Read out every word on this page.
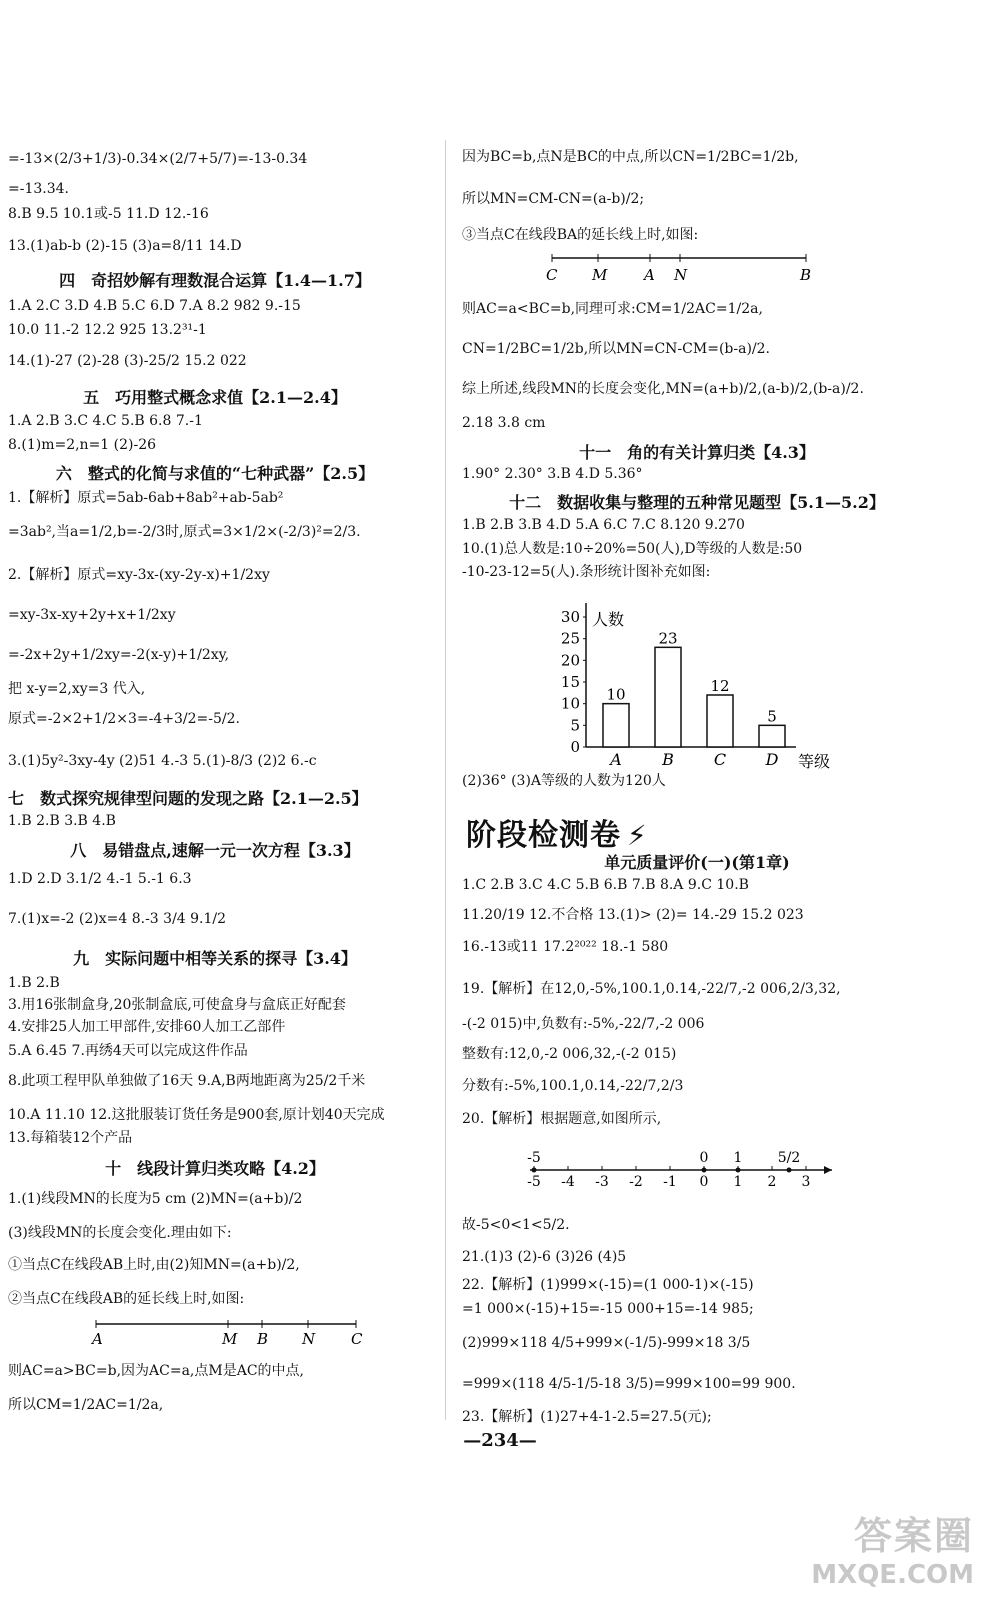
=-13×(2/3+1/3)-0.34×(2/7+5/7)=-13-0.34
=-13.34.
8.B 9.5 10.1或-5 11.D 12.-16
13.(1)ab-b (2)-15 (3)a=8/11 14.D
四　奇招妙解有理数混合运算【1.4—1.7】
1.A 2.C 3.D 4.B 5.C 6.D 7.A 8.2 982 9.-15
10.0 11.-2 12.2 925 13.2³¹-1
14.(1)-27 (2)-28 (3)-25/2 15.2 022
五　巧用整式概念求值【2.1—2.4】
1.A 2.B 3.C 4.C 5.B 6.8 7.-1
8.(1)m=2,n=1 (2)-26
六　整式的化简与求值的“七种武器”【2.5】
1.【解析】原式=5ab-6ab+8ab²+ab-5ab²
=3ab²,当a=1/2,b=-2/3时,原式=3×1/2×(-2/3)²=2/3.
2.【解析】原式=xy-3x-(xy-2y-x)+1/2xy
=xy-3x-xy+2y+x+1/2xy
=-2x+2y+1/2xy=-2(x-y)+1/2xy,
把 x-y=2,xy=3 代入,
原式=-2×2+1/2×3=-4+3/2=-5/2.
3.(1)5y²-3xy-4y (2)51 4.-3 5.(1)-8/3 (2)2 6.-c
七　数式探究规律型问题的发现之路【2.1—2.5】
1.B 2.B 3.B 4.B
八　易错盘点,速解一元一次方程【3.3】
1.D 2.D 3.1/2 4.-1 5.-1 6.3
7.(1)x=-2 (2)x=4 8.-3 3/4 9.1/2
九　实际问题中相等关系的探寻【3.4】
1.B 2.B
3.用16张制盒身,20张制盒底,可使盒身与盒底正好配套
4.安排25人加工甲部件,安排60人加工乙部件
5.A 6.45 7.再绣4天可以完成这件作品
8.此项工程甲队单独做了16天 9.A,B两地距离为25/2千米
10.A 11.10 12.这批服装订货任务是900套,原计划40天完成
13.每箱装12个产品
十　线段计算归类攻略【4.2】
1.(1)线段MN的长度为5 cm (2)MN=(a+b)/2
(3)线段MN的长度会变化.理由如下:
①当点C在线段AB上时,由(2)知MN=(a+b)/2,
②当点C在线段AB的延长线上时,如图:
A	M B N C
则AC=a>BC=b,因为AC=a,点M是AC的中点,
所以CM=1/2AC=1/2a,
因为BC=b,点N是BC的中点,所以CN=1/2BC=1/2b,
所以MN=CM-CN=(a-b)/2;
③当点C在线段BA的延长线上时,如图:
C M A N	B
则AC=a<BC=b,同理可求:CM=1/2AC=1/2a,
CN=1/2BC=1/2b,所以MN=CN-CM=(b-a)/2.
综上所述,线段MN的长度会变化,MN=(a+b)/2,(a-b)/2,(b-a)/2.
2.18 3.8 cm
十一　角的有关计算归类【4.3】
1.90° 2.30° 3.B 4.D 5.36°
十二　数据收集与整理的五种常见题型【5.1—5.2】
1.B 2.B 3.B 4.D 5.A 6.C 7.C 8.120 9.270
10.(1)总人数是:10÷20%=50(人),D等级的人数是:50
-10-23-12=5(人).条形统计图补充如图:
0
5
10
15
20
25
30 人数
等级
10
A
23
B
12
C
5
D
(2)36° (3)A等级的人数为120人
阶段检测卷 ⚡
单元质量评价(一)(第1章)
1.C 2.B 3.C 4.C 5.B 6.B 7.B 8.A 9.C 10.B
11.20/19 12.不合格 13.(1)> (2)= 14.-29 15.2 023
16.-13或11 17.2²⁰²² 18.-1 580
19.【解析】在12,0,-5%,100.1,0.14,-22/7,-2 006,2/3,32,
-(-2 015)中,负数有:-5%,-22/7,-2 006
整数有:12,0,-2 006,32,-(-2 015)
分数有:-5%,100.1,0.14,-22/7,2/3
20.【解析】根据题意,如图所示,
-5 -4 -3 -2 -1 0 1 2 3
-5	0 1	5/2
故-5<0<1<5/2.
21.(1)3 (2)-6 (3)26 (4)5
22.【解析】(1)999×(-15)=(1 000-1)×(-15)
=1 000×(-15)+15=-15 000+15=-14 985;
(2)999×118 4/5+999×(-1/5)-999×18 3/5
=999×(118 4/5-1/5-18 3/5)=999×100=99 900.
23.【解析】(1)27+4-1-2.5=27.5(元);
—234—
答案圈
MXQE.COM
